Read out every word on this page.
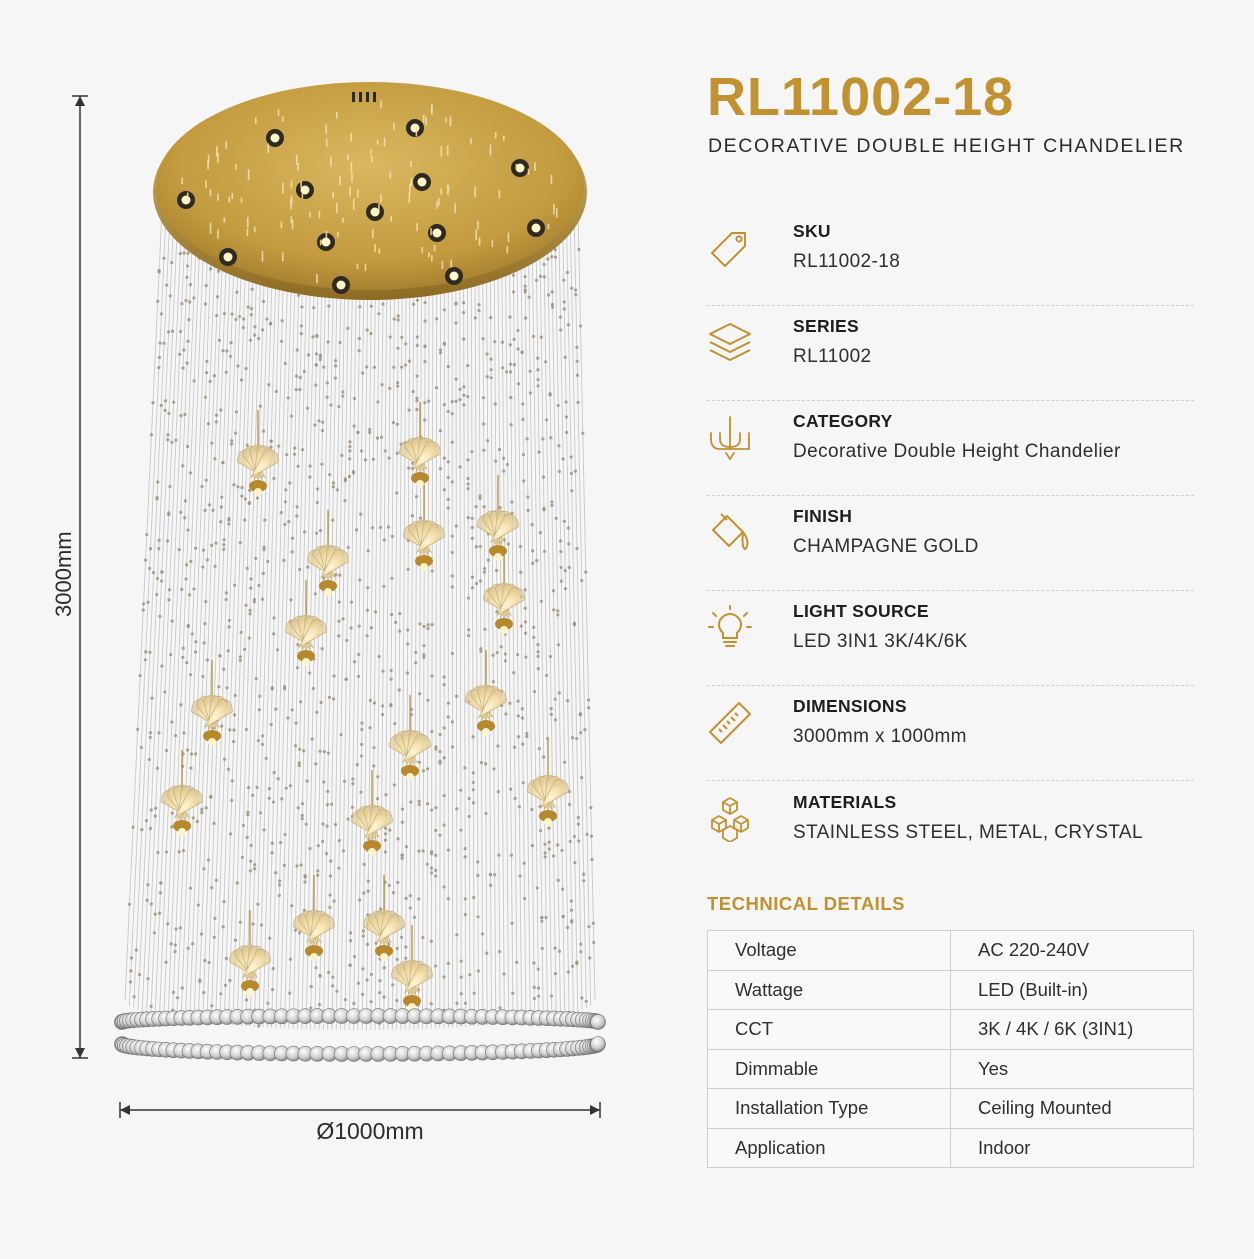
3000mm
Ø1000mm
RL11002-18
DECORATIVE DOUBLE HEIGHT CHANDELIER
SKU
RL11002-18
SERIES
RL11002
CATEGORY
Decorative Double Height Chandelier
FINISH
CHAMPAGNE GOLD
LIGHT SOURCE
LED 3IN1 3K/4K/6K
DIMENSIONS
3000mm x 1000mm
MATERIALS
STAINLESS STEEL, METAL, CRYSTAL
TECHNICAL DETAILS
Voltage	AC 220-240V
Wattage	LED (Built-in)
CCT	3K / 4K / 6K (3IN1)
Dimmable	Yes
Installation Type	Ceiling Mounted
Application	Indoor
